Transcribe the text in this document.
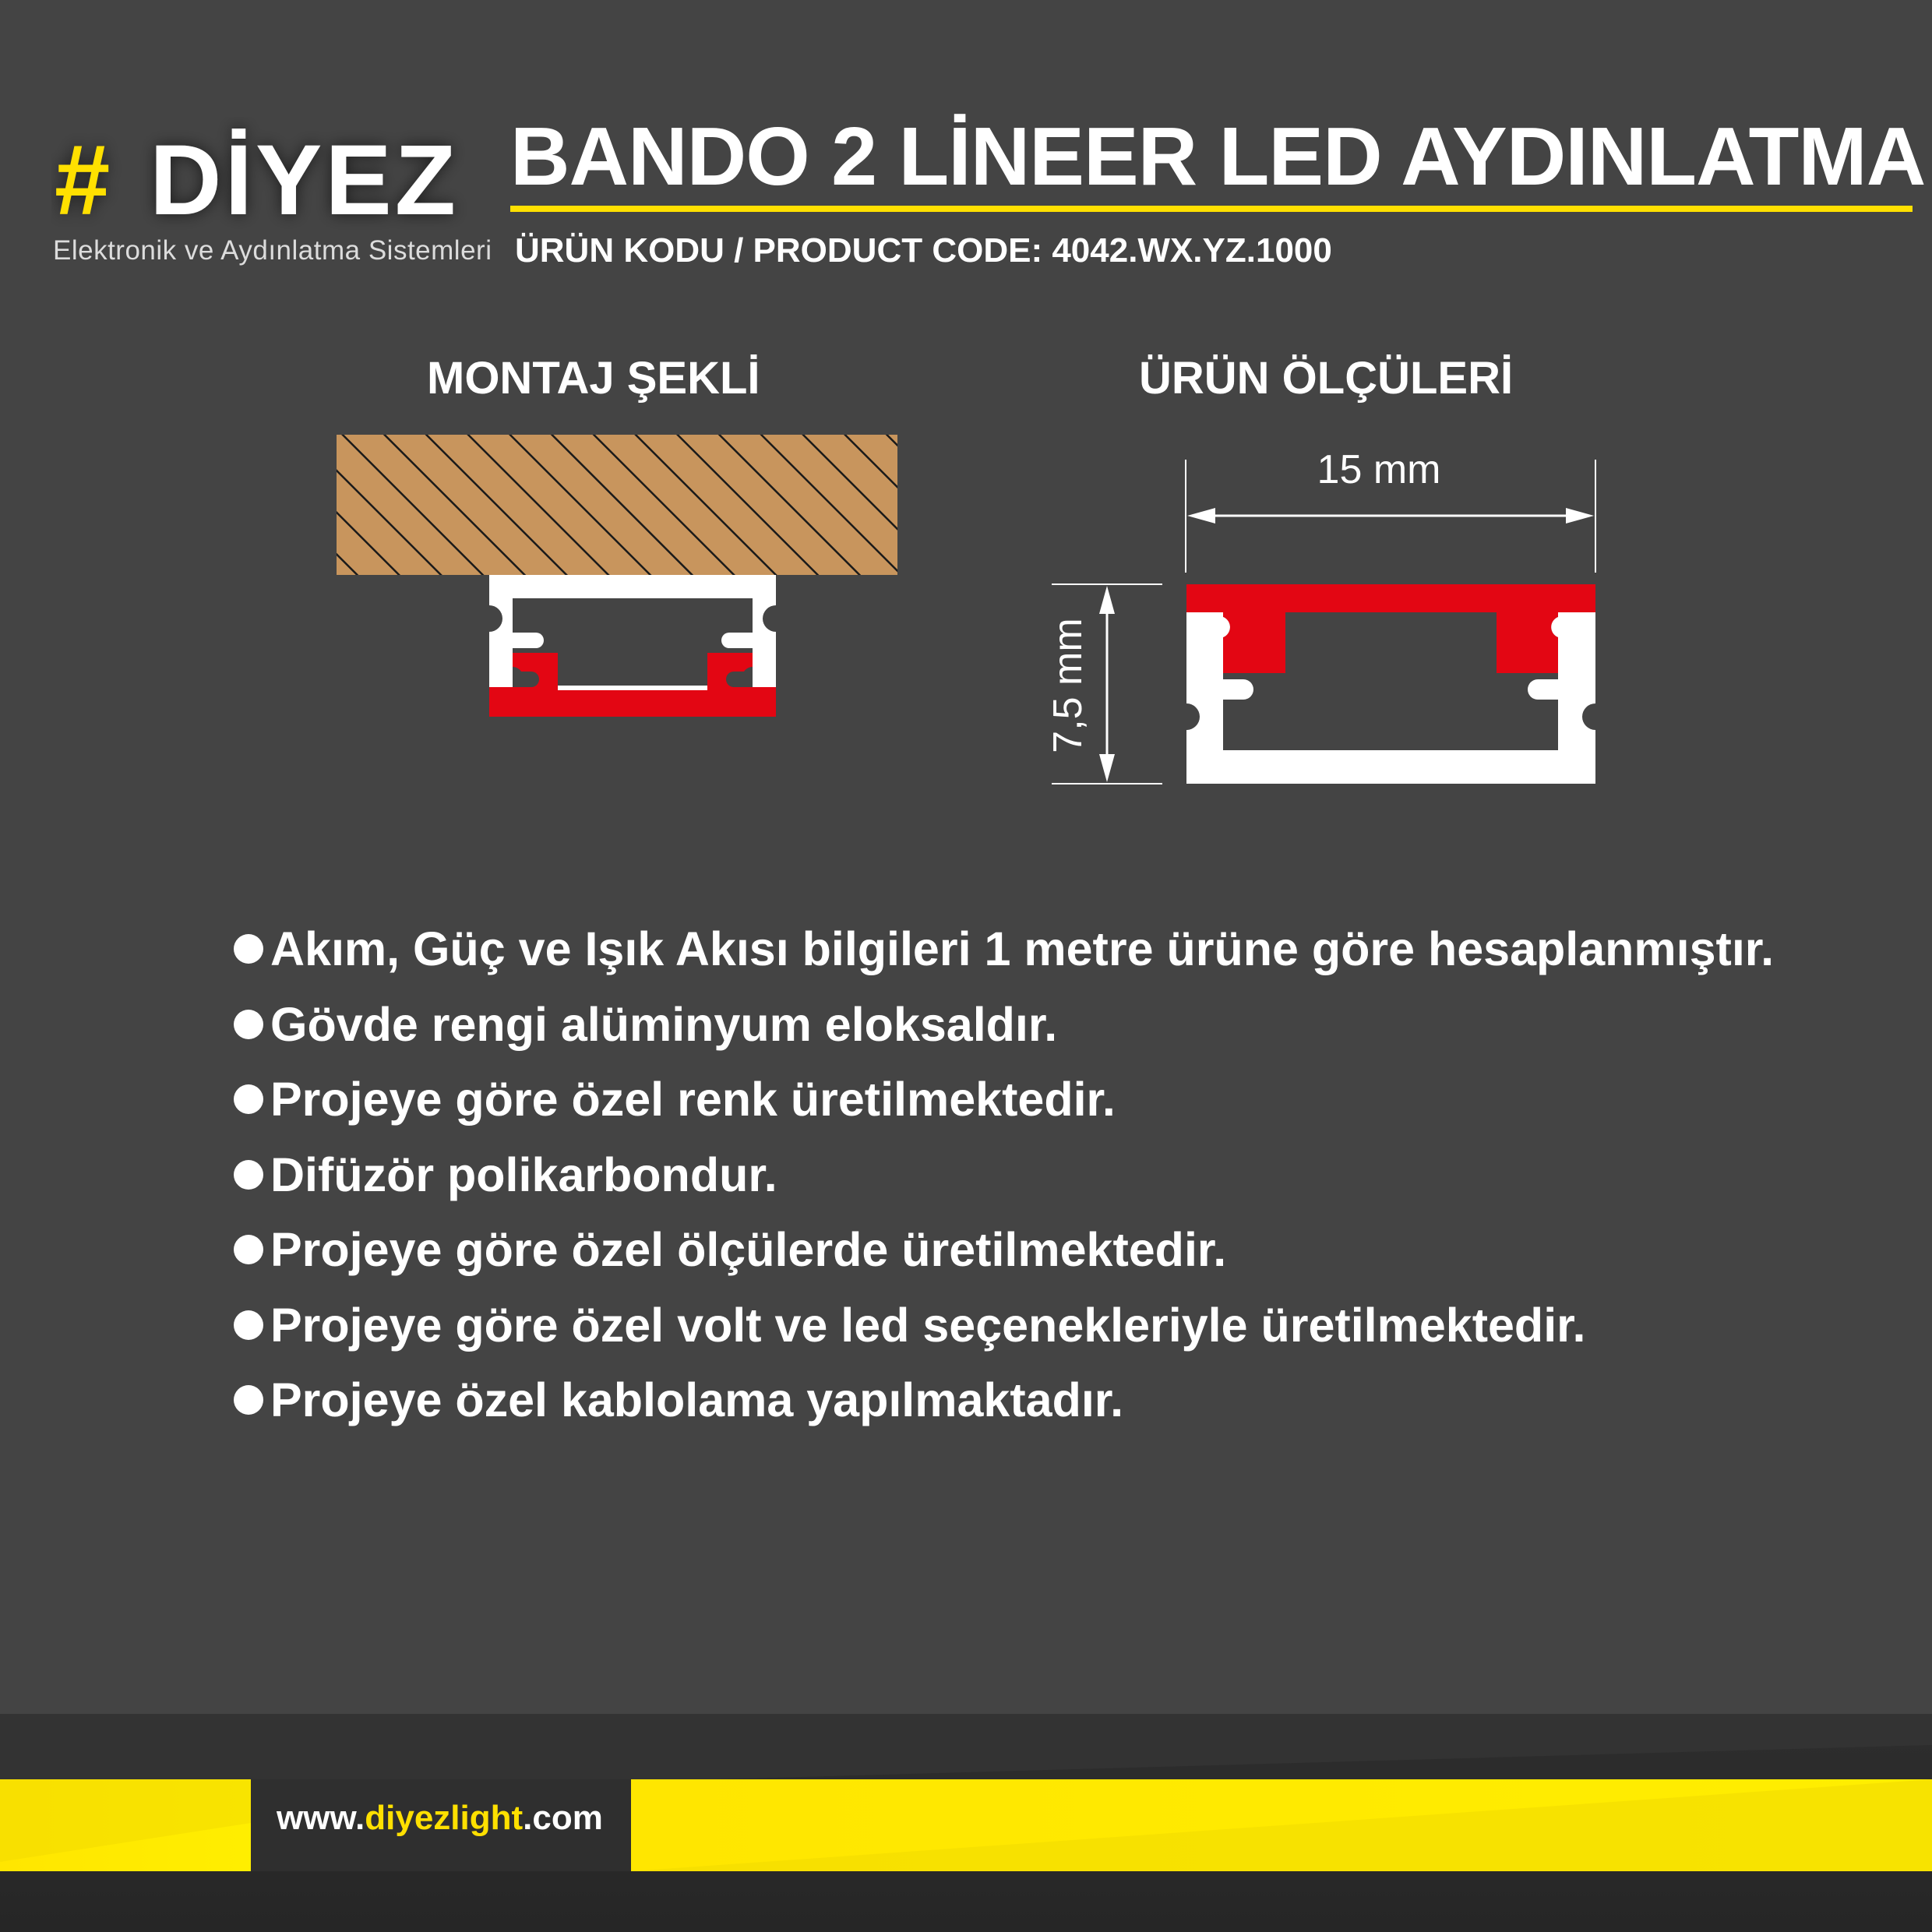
# DİYEZ
Elektronik ve Aydınlatma Sistemleri
BANDO 2 LİNEER LED AYDINLATMA
ÜRÜN KODU / PRODUCT CODE: 4042.WX.YZ.1000
MONTAJ ŞEKLİ	ÜRÜN ÖLÇÜLERİ
15 mm
7,5 mm
Akım, Güç ve Işık Akısı bilgileri 1 metre ürüne göre hesaplanmıştır.
Gövde rengi alüminyum eloksaldır.
Projeye göre özel renk üretilmektedir.
Difüzör polikarbondur.
Projeye göre özel ölçülerde üretilmektedir.
Projeye göre özel volt ve led seçenekleriyle üretilmektedir.
Projeye özel kablolama yapılmaktadır.
www.diyezlight.com
